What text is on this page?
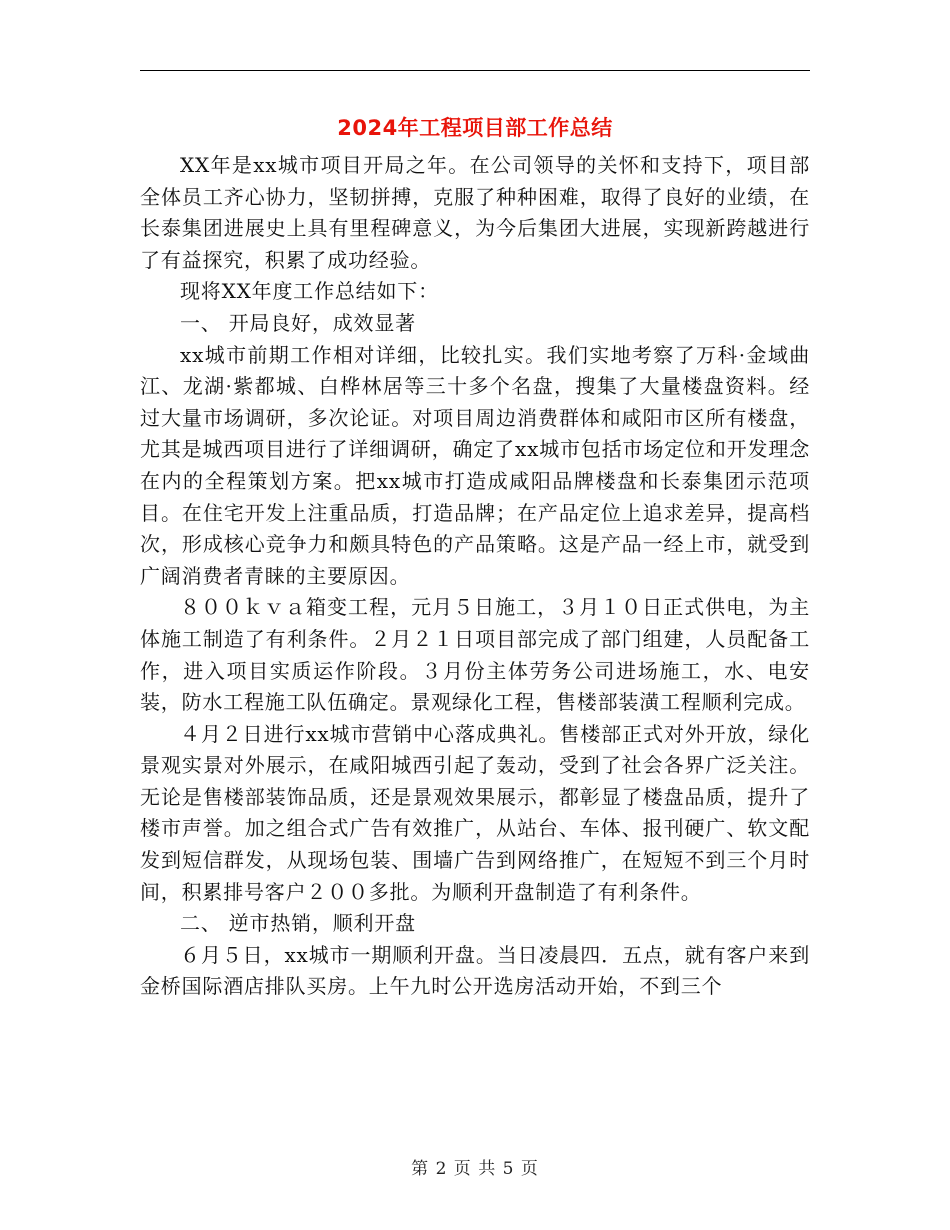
2024年工程项目部工作总结

XX年是xx城市项目开局之年。在公司领导的关怀和支持下，项目部全体员工齐心协力，坚韧拼搏，克服了种种困难，取得了良好的业绩，在长泰集团进展史上具有里程碑意义，为今后集团大进展，实现新跨越进行了有益探究，积累了成功经验。

现将XX年度工作总结如下：

一、 开局良好，成效显著

xx城市前期工作相对详细，比较扎实。我们实地考察了万科·金域曲江、龙湖·紫都城、白桦林居等三十多个名盘，搜集了大量楼盘资料。经过大量市场调研，多次论证。对项目周边消费群体和咸阳市区所有楼盘，尤其是城西项目进行了详细调研，确定了xx城市包括市场定位和开发理念在内的全程策划方案。把xx城市打造成咸阳品牌楼盘和长泰集团示范项目。在住宅开发上注重品质，打造品牌；在产品定位上追求差异，提高档次，形成核心竞争力和颇具特色的产品策略。这是产品一经上市，就受到广阔消费者青睐的主要原因。

８００ｋｖａ箱变工程，元月５日施工，３月１０日正式供电，为主体施工制造了有利条件。２月２１日项目部完成了部门组建，人员配备工作，进入项目实质运作阶段。３月份主体劳务公司进场施工，水、电安装，防水工程施工队伍确定。景观绿化工程，售楼部装潢工程顺利完成。

４月２日进行xx城市营销中心落成典礼。售楼部正式对外开放，绿化景观实景对外展示，在咸阳城西引起了轰动，受到了社会各界广泛关注。无论是售楼部装饰品质，还是景观效果展示，都彰显了楼盘品质，提升了楼市声誉。加之组合式广告有效推广，从站台、车体、报刊硬广、软文配发到短信群发，从现场包装、围墙广告到网络推广，在短短不到三个月时间，积累排号客户２００多批。为顺利开盘制造了有利条件。

二、 逆市热销，顺利开盘

６月５日，xx城市一期顺利开盘。当日凌晨四．五点，就有客户来到金桥国际酒店排队买房。上午九时公开选房活动开始，不到三个

第 2 页 共 5 页
